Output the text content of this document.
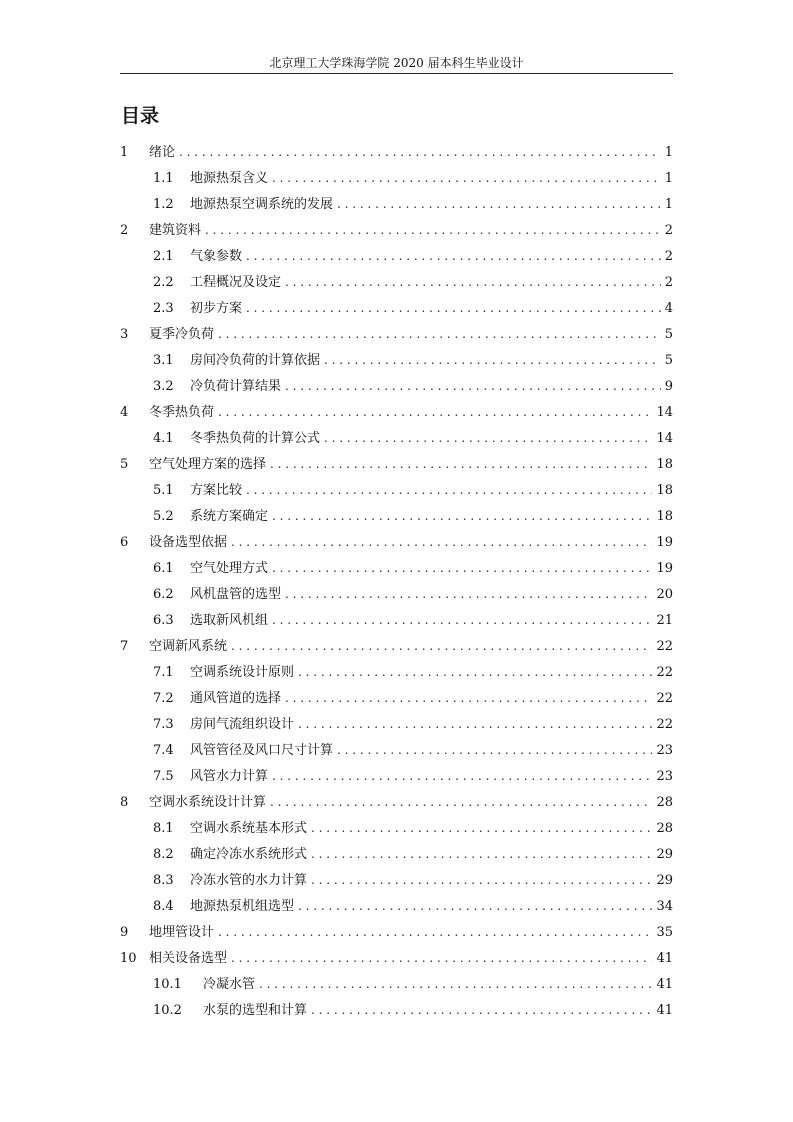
北京理工大学珠海学院 2020 届本科生毕业设计
目录
1	绪论 . . .	1
1.1	地源热泵含义 . . .	1
1.2	地源热泵空调系统的发展 . . .	1
2	建筑资料 . . .	2
2.1	气象参数 . . .	2
2.2	工程概况及设定 . . .	2
2.3	初步方案 . . .	4
3	夏季冷负荷 . . .	5
3.1	房间冷负荷的计算依据 . . .	5
3.2	冷负荷计算结果 . . .	9
4	冬季热负荷 . . .	14
4.1	冬季热负荷的计算公式 . . .	14
5	空气处理方案的选择 . . .	18
5.1	方案比较 . . .	18
5.2	系统方案确定 . . .	18
6	设备选型依据 . . .	19
6.1	空气处理方式 . . .	19
6.2	风机盘管的选型 . . .	20
6.3	选取新风机组 . . .	21
7	空调新风系统 . . .	22
7.1	空调系统设计原则 . . .	22
7.2	通风管道的选择 . . .	22
7.3	房间气流组织设计 . . .	22
7.4	风管管径及风口尺寸计算 . . .	23
7.5	风管水力计算 . . .	23
8	空调水系统设计计算 . . .	28
8.1	空调水系统基本形式 . . .	28
8.2	确定冷冻水系统形式 . . .	29
8.3	冷冻水管的水力计算 . . .	29
8.4	地源热泵机组选型 . . .	34
9	地埋管设计 . . .	35
10 相关设备选型 . . .	41
10.1	冷凝水管 . . .	41
10.2	水泵的选型和计算 . . .	41
